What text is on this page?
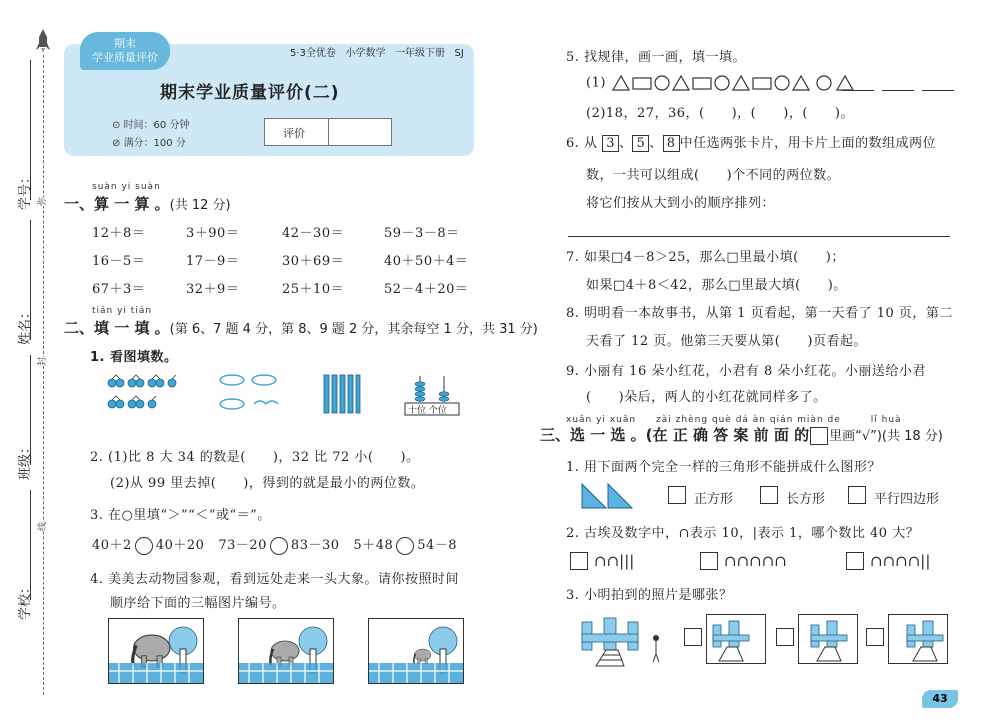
学号：
姓名：
班级：
学校：
弥
封
线
期末
学业质量评价	5·3全优卷 小学数学 一年级下册 SJ
期末学业质量评价(二)
⊙ 时间：60 分钟
⊘ 满分：100 分
评价
suàn yi suàn
一、算 一 算 。(共 12 分)
12＋8＝	3＋90＝	42－30＝	59－3－8＝
16－5＝	17－9＝	30＋69＝	40＋50＋4＝
67＋3＝	32＋9＝	25＋10＝	52－4＋20＝
tián yi tián
二、填 一 填 。(第 6、7 题 4 分，第 8、9 题 2 分，其余每空 1 分，共 31 分)
1. 看图填数。
十位 个位
2. (1)比 8 大 34 的数是(　　)，32 比 72 小(　　)。
(2)从 99 里去掉(　　)，得到的就是最小的两位数。
3. 在○里填“＞”“＜”或“＝”。
40＋2 40＋20 73－20 83－30 5＋48 54－8
4. 美美去动物园参观，看到远处走来一头大象。请你按照时间
顺序给下面的三幅图片编号。
5. 找规律，画一画，填一填。
(1)
(2)18，27，36，(　　)，(　　)，(　　)。
6. 从 3 、 5 、 8 中任选两张卡片，用卡片上面的数组成两位
数，一共可以组成(　　)个不同的两位数。
将它们按从大到小的顺序排列：
7. 如果□4－8＞25，那么□里最小填(　　)；
如果□4＋8＜42，那么□里最大填(　　)。
8. 明明看一本故事书，从第 1 页看起，第一天看了 10 页，第二
天看了 12 页。他第三天要从第(　　)页看起。
9. 小丽有 16 朵小红花，小君有 8 朵小红花。小丽送给小君
(　　)朵后，两人的小红花就同样多了。
xuǎn yi xuǎn　　zài zhèng què dá àn qián miàn de　　　lǐ huà
三、选 一 选 。(在 正 确 答 案 前 面 的 里画“√”)(共 18 分)
1. 用下面两个完全一样的三角形不能拼成什么图形？
正方形	长方形	平行四边形
2. 古埃及数字中，∩表示 10，|表示 1，哪个数比 40 大？
∩∩|||	∩∩∩∩∩	∩∩∩∩||
3. 小明拍到的照片是哪张？
43
